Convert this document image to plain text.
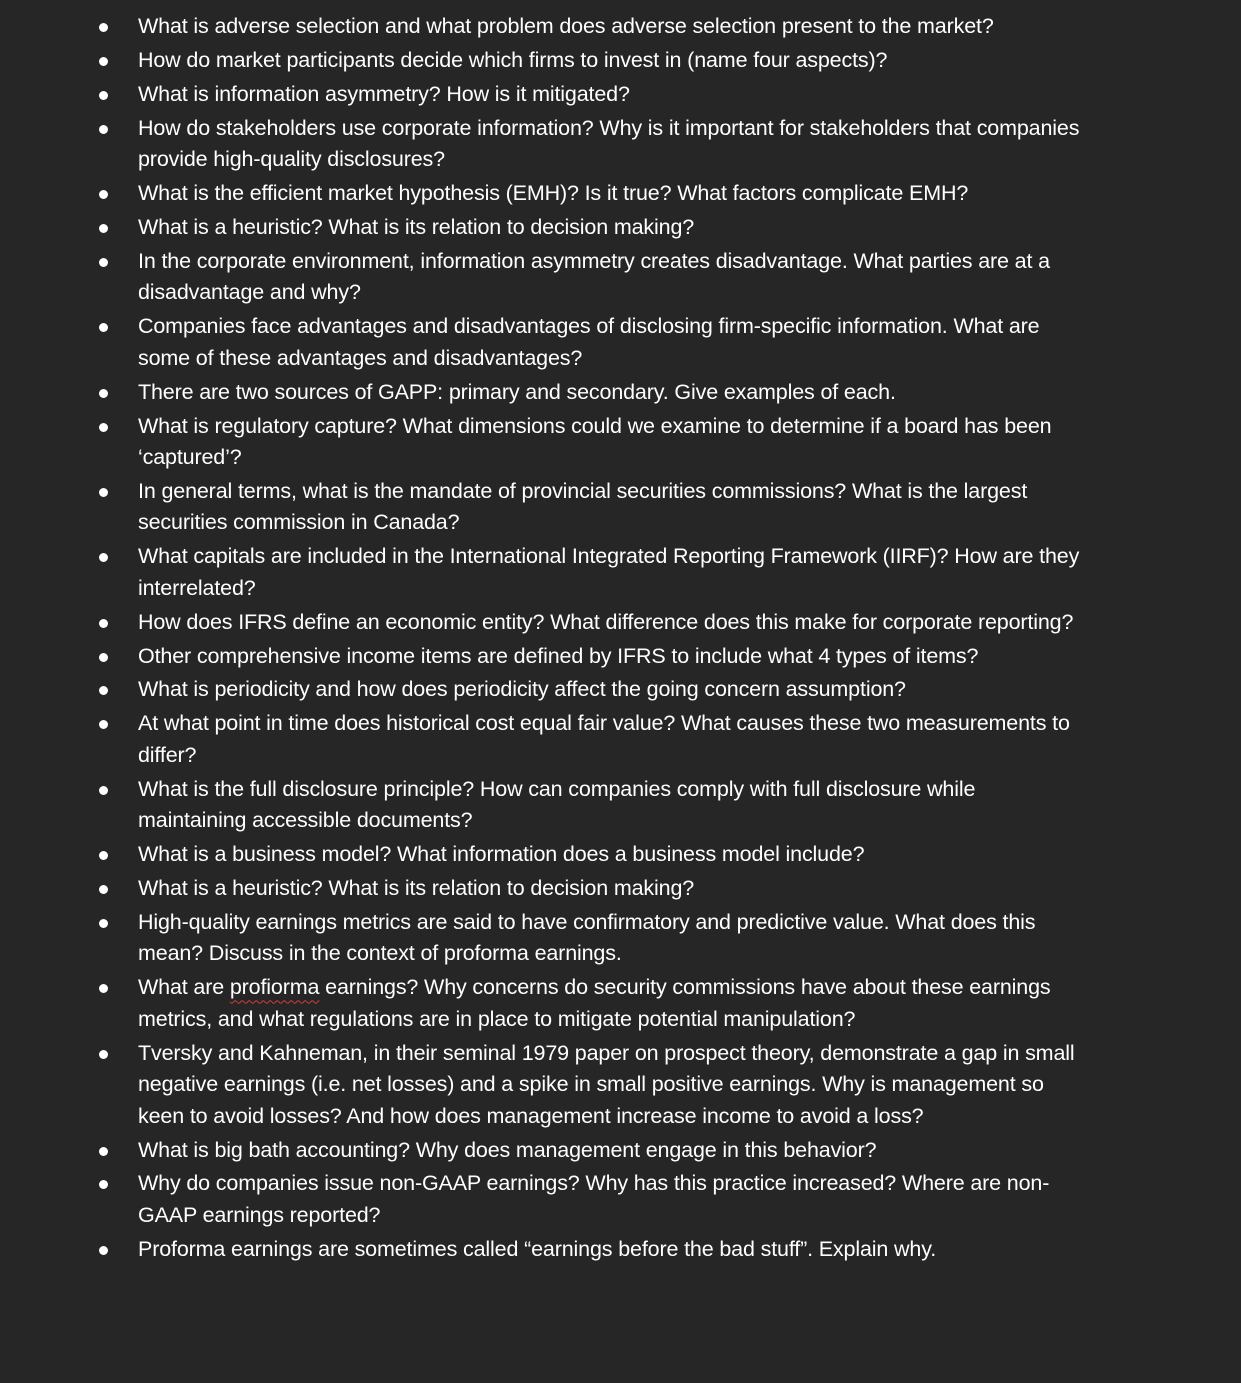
What is adverse selection and what problem does adverse selection present to the market?
How do market participants decide which firms to invest in (name four aspects)?
What is information asymmetry? How is it mitigated?
How do stakeholders use corporate information? Why is it important for stakeholders that companies provide high-quality disclosures?
What is the efficient market hypothesis (EMH)? Is it true? What factors complicate EMH?
What is a heuristic? What is its relation to decision making?
In the corporate environment, information asymmetry creates disadvantage. What parties are at a disadvantage and why?
Companies face advantages and disadvantages of disclosing firm-specific information. What are some of these advantages and disadvantages?
There are two sources of GAPP: primary and secondary. Give examples of each.
What is regulatory capture? What dimensions could we examine to determine if a board has been ‘captured’?
In general terms, what is the mandate of provincial securities commissions? What is the largest securities commission in Canada?
What capitals are included in the International Integrated Reporting Framework (IIRF)? How are they interrelated?
How does IFRS define an economic entity? What difference does this make for corporate reporting?
Other comprehensive income items are defined by IFRS to include what 4 types of items?
What is periodicity and how does periodicity affect the going concern assumption?
At what point in time does historical cost equal fair value? What causes these two measurements to differ?
What is the full disclosure principle? How can companies comply with full disclosure while maintaining accessible documents?
What is a business model? What information does a business model include?
What is a heuristic? What is its relation to decision making?
High-quality earnings metrics are said to have confirmatory and predictive value. What does this mean? Discuss in the context of proforma earnings.
What are profiorma earnings? Why concerns do security commissions have about these earnings metrics, and what regulations are in place to mitigate potential manipulation?
Tversky and Kahneman, in their seminal 1979 paper on prospect theory, demonstrate a gap in small negative earnings (i.e. net losses) and a spike in small positive earnings. Why is management so keen to avoid losses? And how does management increase income to avoid a loss?
What is big bath accounting? Why does management engage in this behavior?
Why do companies issue non-GAAP earnings? Why has this practice increased? Where are non-GAAP earnings reported?
Proforma earnings are sometimes called “earnings before the bad stuff”. Explain why.
